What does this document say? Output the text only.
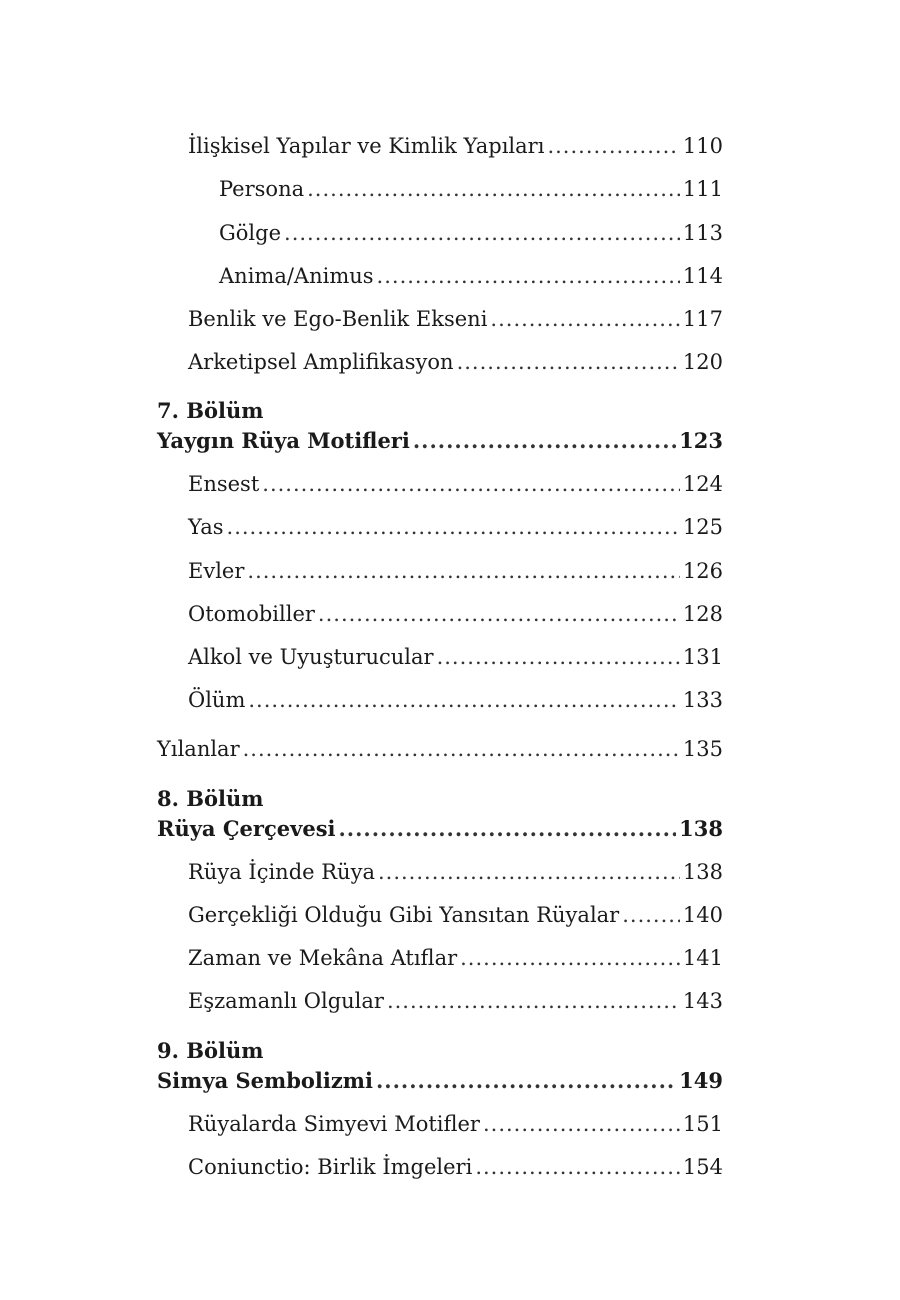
İlişkisel Yapılar ve Kimlik Yapıları .....	110
Persona .....	111
Gölge .....	113
Anima/Animus .....	114
Benlik ve Ego-Benlik Ekseni .....	117
Arketipsel Amplifikasyon .....	120
7. Bölüm
Yaygın Rüya Motifleri .....	123
Ensest .....	124
Yas .....	125
Evler .....	126
Otomobiller .....	128
Alkol ve Uyuşturucular .....	131
Ölüm .....	133
Yılanlar .....	135
8. Bölüm
Rüya Çerçevesi .....	138
Rüya İçinde Rüya .....	138
Gerçekliği Olduğu Gibi Yansıtan Rüyalar .....	140
Zaman ve Mekâna Atıflar .....	141
Eşzamanlı Olgular .....	143
9. Bölüm
Simya Sembolizmi .....	149
Rüyalarda Simyevi Motifler .....	151
Coniunctio: Birlik İmgeleri .....	154
